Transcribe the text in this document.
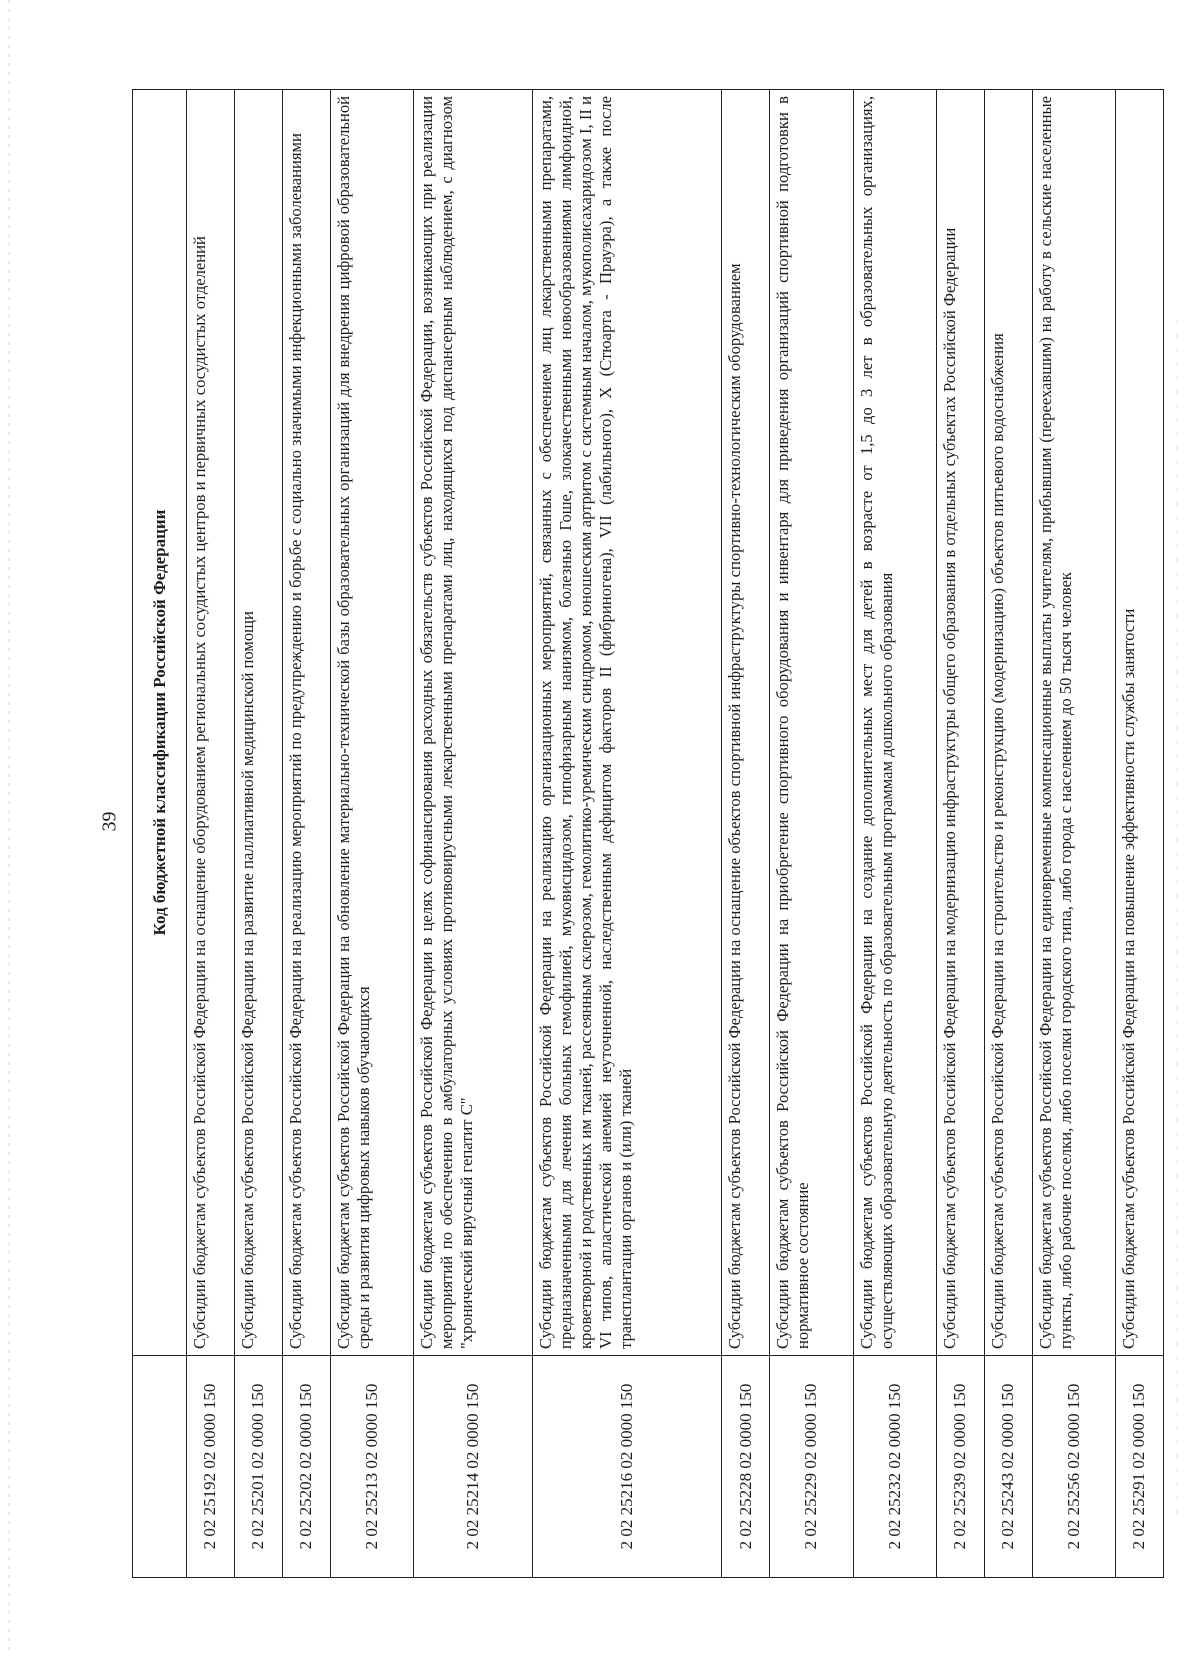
39
	Код бюджетной классификации Российской Федерации
2 02 25192 02 0000 150	Субсидии бюджетам субъектов Российской Федерации на оснащение оборудованием региональных сосудистых центров и первичных сосудистых отделений
2 02 25201 02 0000 150	Субсидии бюджетам субъектов Российской Федерации на развитие паллиативной медицинской помощи
2 02 25202 02 0000 150	Субсидии бюджетам субъектов Российской Федерации на реализацию мероприятий по предупреждению и борьбе с социально значимыми инфекционными заболеваниями
2 02 25213 02 0000 150	Субсидии бюджетам субъектов Российской Федерации на обновление материально-технической базы образовательных организаций для внедрения цифровой образовательной среды и развития цифровых навыков обучающихся
2 02 25214 02 0000 150	Субсидии бюджетам субъектов Российской Федерации в целях софинансирования расходных обязательств субъектов Российской Федерации, возникающих при реализации мероприятий по обеспечению в амбулаторных условиях противовирусными лекарственными препаратами лиц, находящихся под диспансерным наблюдением, с диагнозом "хронический вирусный гепатит С"
2 02 25216 02 0000 150	Субсидии бюджетам субъектов Российской Федерации на реализацию организационных мероприятий, связанных с обеспечением лиц лекарственными препаратами, предназначенными для лечения больных гемофилией, муковисцидозом, гипофизарным нанизмом, болезнью Гоше, злокачественными новообразованиями лимфоидной, кроветворной и родственных им тканей, рассеянным склерозом, гемолитико-уремическим синдромом, юношеским артритом с системным началом, мукополисахаридозом I, II и VI типов, апластической анемией неуточненной, наследственным дефицитом факторов II (фибриногена), VII (лабильного), X (Стюарта - Прауэра), а также после трансплантации органов и (или) тканей
2 02 25228 02 0000 150	Субсидии бюджетам субъектов Российской Федерации на оснащение объектов спортивной инфраструктуры спортивно-технологическим оборудованием
2 02 25229 02 0000 150	Субсидии бюджетам субъектов Российской Федерации на приобретение спортивного оборудования и инвентаря для приведения организаций спортивной подготовки в нормативное состояние
2 02 25232 02 0000 150	Субсидии бюджетам субъектов Российской Федерации на создание дополнительных мест для детей в возрасте от 1,5 до 3 лет в образовательных организациях, осуществляющих образовательную деятельность по образовательным программам дошкольного образования
2 02 25239 02 0000 150	Субсидии бюджетам субъектов Российской Федерации на модернизацию инфраструктуры общего образования в отдельных субъектах Российской Федерации
2 02 25243 02 0000 150	Субсидии бюджетам субъектов Российской Федерации на строительство и реконструкцию (модернизацию) объектов питьевого водоснабжения
2 02 25256 02 0000 150	Субсидии бюджетам субъектов Российской Федерации на единовременные компенсационные выплаты учителям, прибывшим (переехавшим) на работу в сельские населенные пункты, либо рабочие поселки, либо поселки городского типа, либо города с населением до 50 тысяч человек
2 02 25291 02 0000 150	Субсидии бюджетам субъектов Российской Федерации на повышение эффективности службы занятости
